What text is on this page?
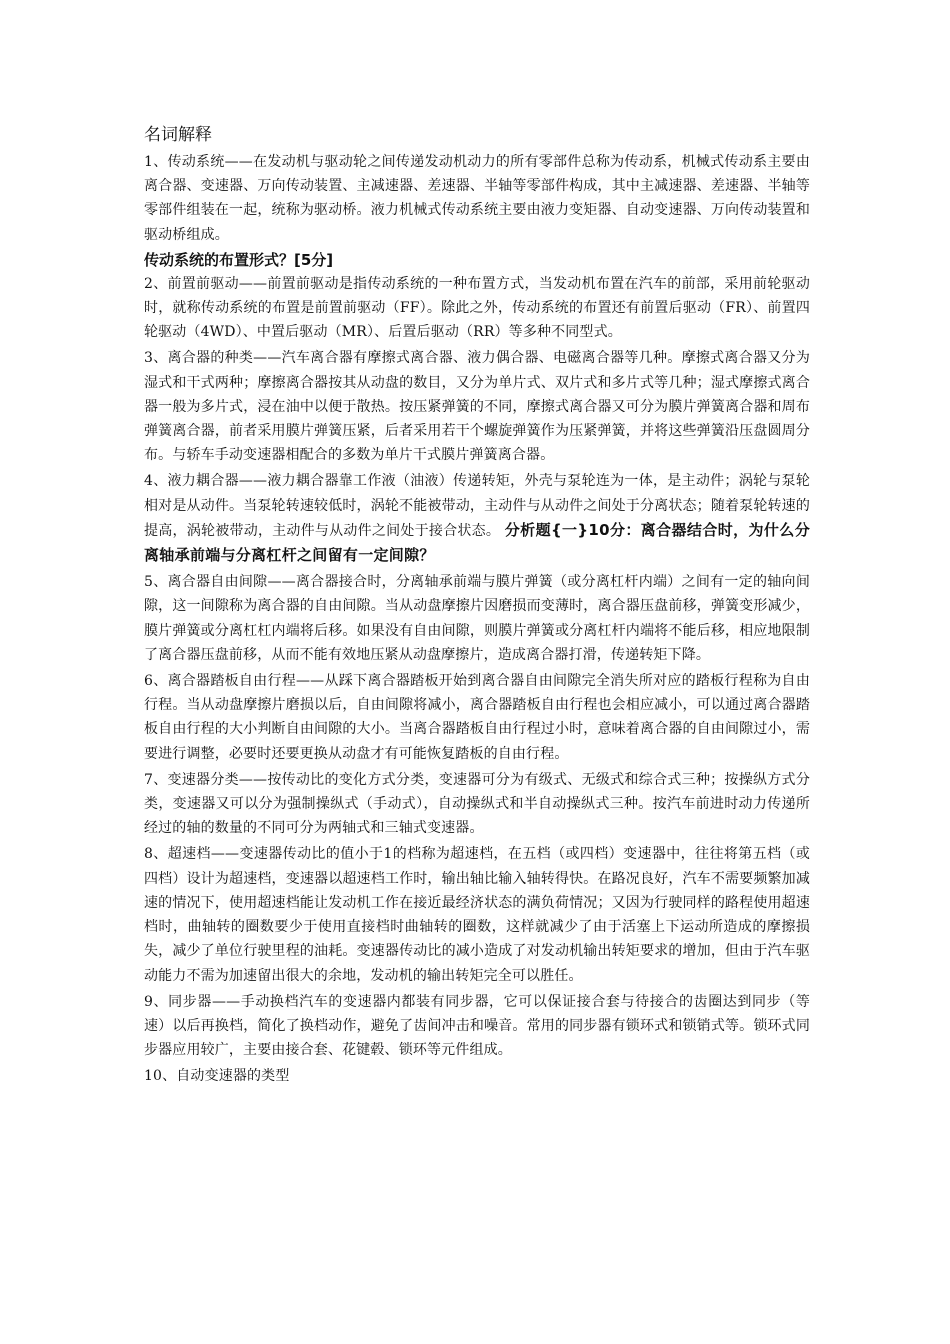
名词解释

1、传动系统——在发动机与驱动轮之间传递发动机动力的所有零部件总称为传动系，机械式传动系主要由离合器、变速器、万向传动装置、主减速器、差速器、半轴等零部件构成，其中主减速器、差速器、半轴等零部件组装在一起，统称为驱动桥。液力机械式传动系统主要由液力变矩器、自动变速器、万向传动装置和驱动桥组成。

传动系统的布置形式？[5分]

2、前置前驱动——前置前驱动是指传动系统的一种布置方式，当发动机布置在汽车的前部，采用前轮驱动时，就称传动系统的布置是前置前驱动（FF）。除此之外，传动系统的布置还有前置后驱动（FR）、前置四轮驱动（4WD）、中置后驱动（MR）、后置后驱动（RR）等多种不同型式。

3、离合器的种类——汽车离合器有摩擦式离合器、液力偶合器、电磁离合器等几种。摩擦式离合器又分为湿式和干式两种；摩擦离合器按其从动盘的数目，又分为单片式、双片式和多片式等几种；湿式摩擦式离合器一般为多片式，浸在油中以便于散热。按压紧弹簧的不同，摩擦式离合器又可分为膜片弹簧离合器和周布弹簧离合器，前者采用膜片弹簧压紧，后者采用若干个螺旋弹簧作为压紧弹簧，并将这些弹簧沿压盘圆周分布。与轿车手动变速器相配合的多数为单片干式膜片弹簧离合器。

4、液力耦合器——液力耦合器靠工作液（油液）传递转矩，外壳与泵轮连为一体，是主动件；涡轮与泵轮相对是从动件。当泵轮转速较低时，涡轮不能被带动，主动件与从动件之间处于分离状态；随着泵轮转速的提高，涡轮被带动，主动件与从动件之间处于接合状态。 分析题{一}10分：离合器结合时，为什么分离轴承前端与分离杠杆之间留有一定间隙？

5、离合器自由间隙——离合器接合时，分离轴承前端与膜片弹簧（或分离杠杆内端）之间有一定的轴向间隙，这一间隙称为离合器的自由间隙。当从动盘摩擦片因磨损而变薄时，离合器压盘前移，弹簧变形减少，膜片弹簧或分离杠杠内端将后移。如果没有自由间隙，则膜片弹簧或分离杠杆内端将不能后移，相应地限制了离合器压盘前移，从而不能有效地压紧从动盘摩擦片，造成离合器打滑，传递转矩下降。

6、离合器踏板自由行程——从踩下离合器踏板开始到离合器自由间隙完全消失所对应的踏板行程称为自由行程。当从动盘摩擦片磨损以后，自由间隙将减小，离合器踏板自由行程也会相应减小，可以通过离合器踏板自由行程的大小判断自由间隙的大小。当离合器踏板自由行程过小时，意味着离合器的自由间隙过小，需要进行调整，必要时还要更换从动盘才有可能恢复踏板的自由行程。

7、变速器分类——按传动比的变化方式分类，变速器可分为有级式、无级式和综合式三种；按操纵方式分类，变速器又可以分为强制操纵式（手动式），自动操纵式和半自动操纵式三种。按汽车前进时动力传递所经过的轴的数量的不同可分为两轴式和三轴式变速器。

8、超速档——变速器传动比的值小于1的档称为超速档，在五档（或四档）变速器中，往往将第五档（或四档）设计为超速档，变速器以超速档工作时，输出轴比输入轴转得快。在路况良好，汽车不需要频繁加减速的情况下，使用超速档能让发动机工作在接近最经济状态的满负荷情况；又因为行驶同样的路程使用超速档时，曲轴转的圈数要少于使用直接档时曲轴转的圈数，这样就减少了由于活塞上下运动所造成的摩擦损失，减少了单位行驶里程的油耗。变速器传动比的减小造成了对发动机输出转矩要求的增加，但由于汽车驱动能力不需为加速留出很大的余地，发动机的输出转矩完全可以胜任。

9、同步器——手动换档汽车的变速器内都装有同步器，它可以保证接合套与待接合的齿圈达到同步（等速）以后再换档，简化了换档动作，避免了齿间冲击和噪音。常用的同步器有锁环式和锁销式等。锁环式同步器应用较广，主要由接合套、花键毂、锁环等元件组成。

10、自动变速器的类型
